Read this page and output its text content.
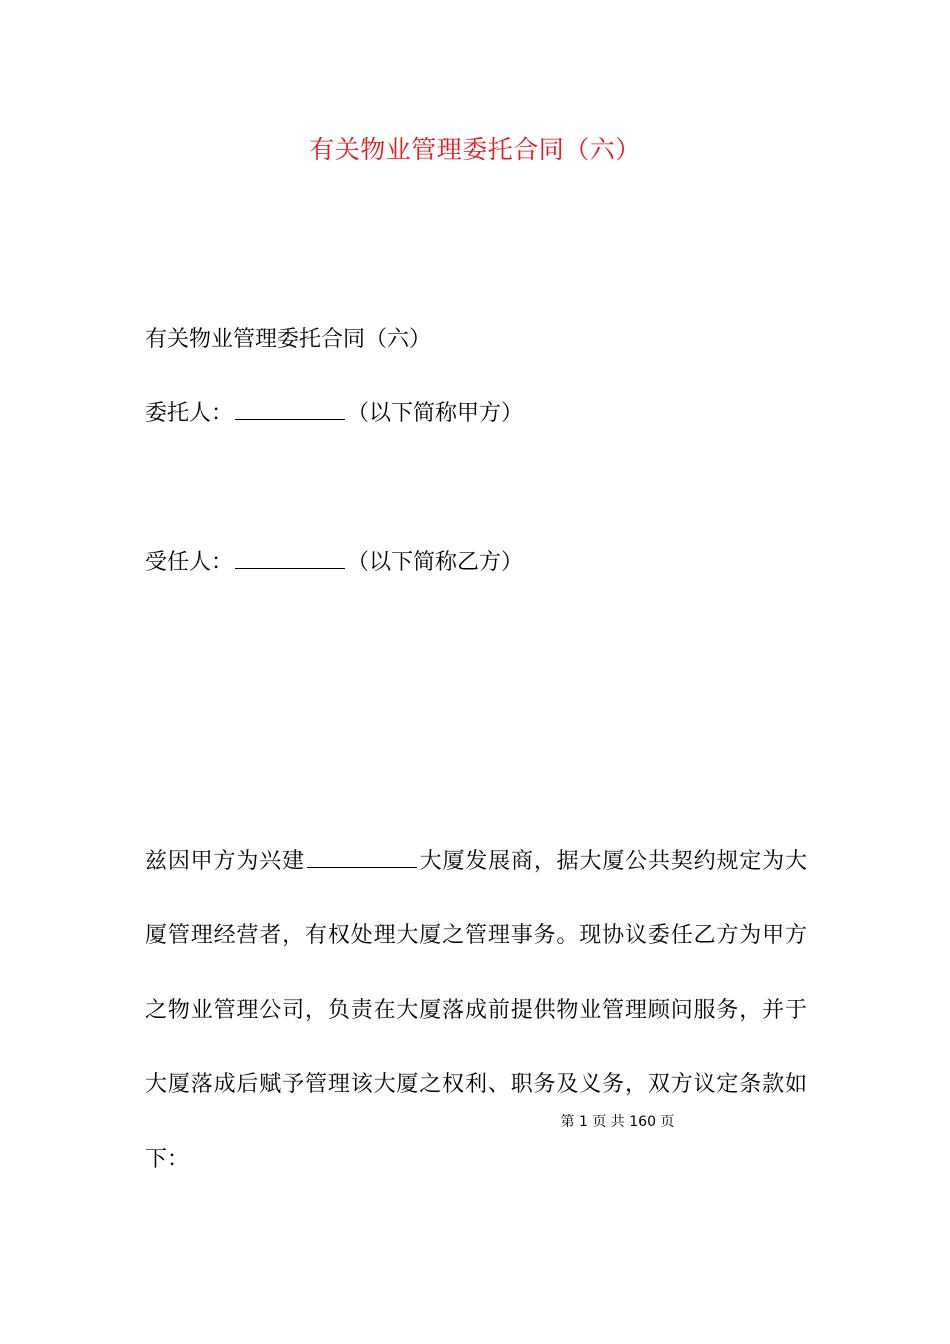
有关物业管理委托合同（六）
有关物业管理委托合同（六）
委托人：	（以下简称甲方）
受任人：	（以下简称乙方）
兹因甲方为兴建	大厦发展商，据大厦公共契约规定为大
厦管理经营者，有权处理大厦之管理事务。现协议委任乙方为甲方
之物业管理公司，负责在大厦落成前提供物业管理顾问服务，并于
大厦落成后赋予管理该大厦之权利、职务及义务，双方议定条款如
第 1 页 共 160 页
下：
